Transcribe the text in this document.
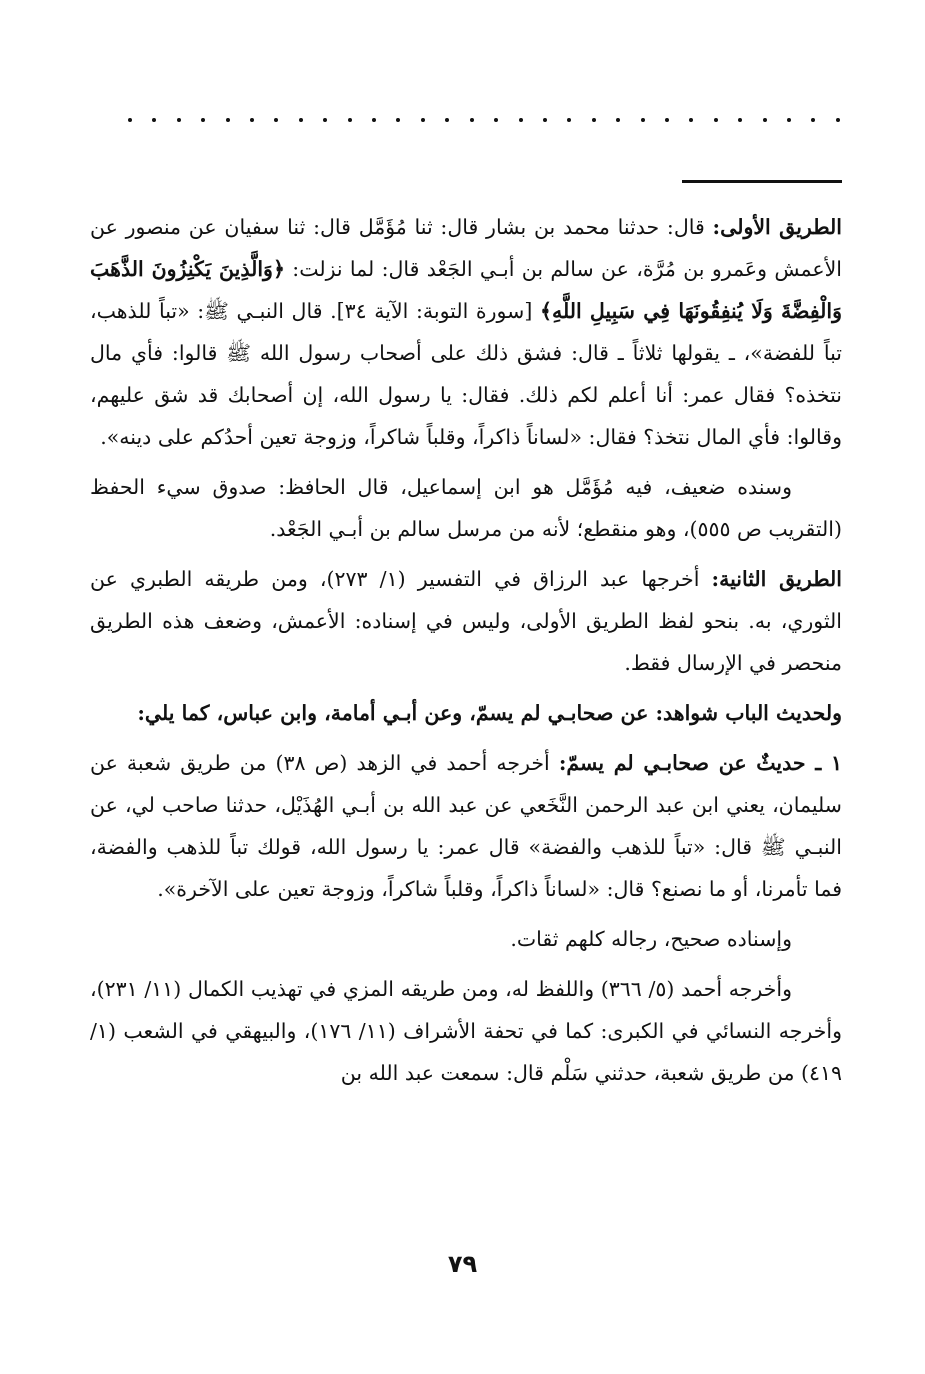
الطريق الأولى: قال: حدثنا محمد بن بشار قال: ثنا مُؤَمَّل قال: ثنا سفيان عن منصور عن الأعمش وعَمرو بن مُرَّة، عن سالم بن أبـي الجَعْد قال: لما نزلت: ﴿وَالَّذِينَ يَكْنِزُونَ الذَّهَبَ وَالْفِضَّةَ وَلَا يُنفِقُونَهَا فِي سَبِيلِ اللَّهِ﴾ [سورة التوبة: الآية ٣٤]. قال النبـي ﷺ: «تباً للذهب، تباً للفضة»، ـ يقولها ثلاثاً ـ قال: فشق ذلك على أصحاب رسول الله ﷺ قالوا: فأي مال نتخذه؟ فقال عمر: أنا أعلم لكم ذلك. فقال: يا رسول الله، إن أصحابك قد شق عليهم، وقالوا: فأي المال نتخذ؟ فقال: «لساناً ذاكراً، وقلباً شاكراً، وزوجة تعين أحدُكم على دينه».

وسنده ضعيف، فيه مُؤَمَّل هو ابن إسماعيل، قال الحافظ: صدوق سيء الحفظ (التقريب ص ٥٥٥)، وهو منقطع؛ لأنه من مرسل سالم بن أبـي الجَعْد.

الطريق الثانية: أخرجها عبد الرزاق في التفسير (١/ ٢٧٣)، ومن طريقه الطبري عن الثوري، به. بنحو لفظ الطريق الأولى، وليس في إسناده: الأعمش، وضعف هذه الطريق منحصر في الإرسال فقط.

ولحديث الباب شواهد: عن صحابـي لم يسمّ، وعن أبـي أمامة، وابن عباس، كما يلي:

١ ـ حديثٌ عن صحابـي لم يسمّ: أخرجه أحمد في الزهد (ص ٣٨) من طريق شعبة عن سليمان، يعني ابن عبد الرحمن النَّخَعي عن عبد الله بن أبـي الهُذَيْل، حدثنا صاحب لي، عن النبـي ﷺ قال: «تباً للذهب والفضة» قال عمر: يا رسول الله، قولك تباً للذهب والفضة، فما تأمرنا، أو ما نصنع؟ قال: «لساناً ذاكراً، وقلباً شاكراً، وزوجة تعين على الآخرة».

وإسناده صحيح، رجاله كلهم ثقات.

وأخرجه أحمد (٥/ ٣٦٦) واللفظ له، ومن طريقه المزي في تهذيب الكمال (١١/ ٢٣١)، وأخرجه النسائي في الكبرى: كما في تحفة الأشراف (١١/ ١٧٦)، والبيهقي في الشعب (١/ ٤١٩) من طريق شعبة، حدثني سَلْم قال: سمعت عبد الله بن

٧٩
